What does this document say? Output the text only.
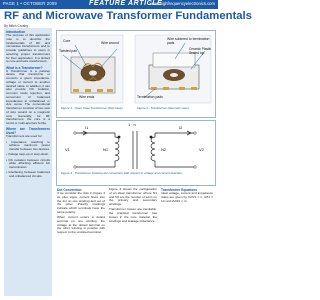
PAGE 1 • OCTOBER 2009	FEATURE ARTICLE
www.highfrequencyelectronics.com
RF and Microwave Transformer Fundamentals
By Mitch Crosby
Introduction

The purpose of this application note is to describe the fundamentals of RF and microwave transformers and to provide guidelines to users in selecting proper transformers for their application. It is limited to core-and-wire transformers.

What is a Transformer?

A Transformer is a passive device that transforms or converts a given impedance, voltage or current to another desired value. In addition, it can also provide DC isolation, common mode rejection, and conversion of balanced impedances to unbalanced or vice versa. The conventional transformer consists of two sets of wire wound on a magnetic core. Generally, for RF transformers, the core is a toroid or multi-aperture ferrite.

Where are Transformers Used?

Transformers are used for:

• Impedance matching to achieve maximum power transfer between two devices.

• Voltage step-up or step-down.

• DC isolation between circuits while affording efficient AC transmission.

• Interfacing between balanced and unbalanced circuits.

Core
Twisted pair
Wire wound
Wire ends
Wire soldered to termination pads
Ceramic Plastic Sealed top
Termination pads
Figure 1 · Open Case Transformer (Flat Case).	Figure 2 · Transformer (Hermetic case).
I1	I2
N1	N2
V1	V2
1 : n
Figure 3 · Transformer showing dot convention with respect to voltage and current direction.
Dot Convention

If we consider the dots in Figure 3 as plus signs, current flows into the dot on one winding and out of the other. Polarity markings indicate which terminals have the same polarity.

When current enters a dotted terminal on one winding, the voltage at the dotted terminal on the other winding is positive with respect to the undotted terminal.

Figure 3 shows the configuration of an ideal transformer where N1 and N2 are the number of turns on the primary and secondary windings.

Transformer losses are inevitable: the practical transformer has losses in the core material, the windings and leakage inductance.

Transformer Equations

Ideal voltage, current and impedance ratios are given by V2/V1 = n, I2/I1 = 1/n and Z2/Z1 = n².
